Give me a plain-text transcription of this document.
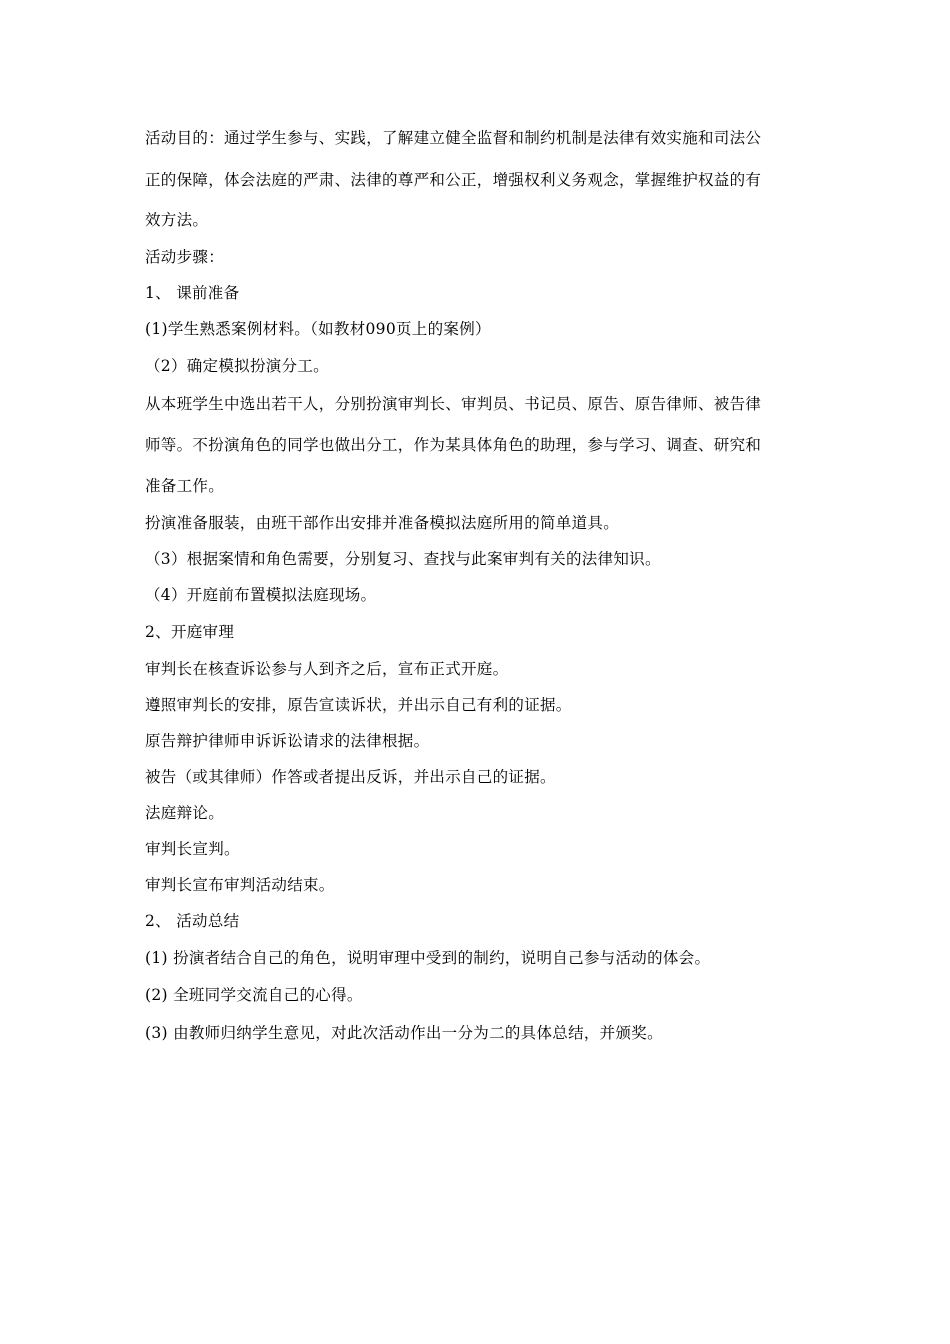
活动目的：通过学生参与、实践，了解建立健全监督和制约机制是法律有效实施和司法公
正的保障，体会法庭的严肃、法律的尊严和公正，增强权利义务观念，掌握维护权益的有
效方法。
活动步骤：
1、 课前准备
(1)学生熟悉案例材料。（如教材090页上的案例）
（2）确定模拟扮演分工。
从本班学生中选出若干人，分别扮演审判长、审判员、书记员、原告、原告律师、被告律
师等。不扮演角色的同学也做出分工，作为某具体角色的助理，参与学习、调查、研究和
准备工作。
扮演准备服装，由班干部作出安排并准备模拟法庭所用的简单道具。
（3）根据案情和角色需要，分别复习、查找与此案审判有关的法律知识。
（4）开庭前布置模拟法庭现场。
2、开庭审理
审判长在核查诉讼参与人到齐之后，宣布正式开庭。
遵照审判长的安排，原告宣读诉状，并出示自己有利的证据。
原告辩护律师申诉诉讼请求的法律根据。
被告（或其律师）作答或者提出反诉，并出示自己的证据。
法庭辩论。
审判长宣判。
审判长宣布审判活动结束。
2、 活动总结
(1) 扮演者结合自己的角色，说明审理中受到的制约，说明自己参与活动的体会。
(2) 全班同学交流自己的心得。
(3) 由教师归纳学生意见，对此次活动作出一分为二的具体总结，并颁奖。
